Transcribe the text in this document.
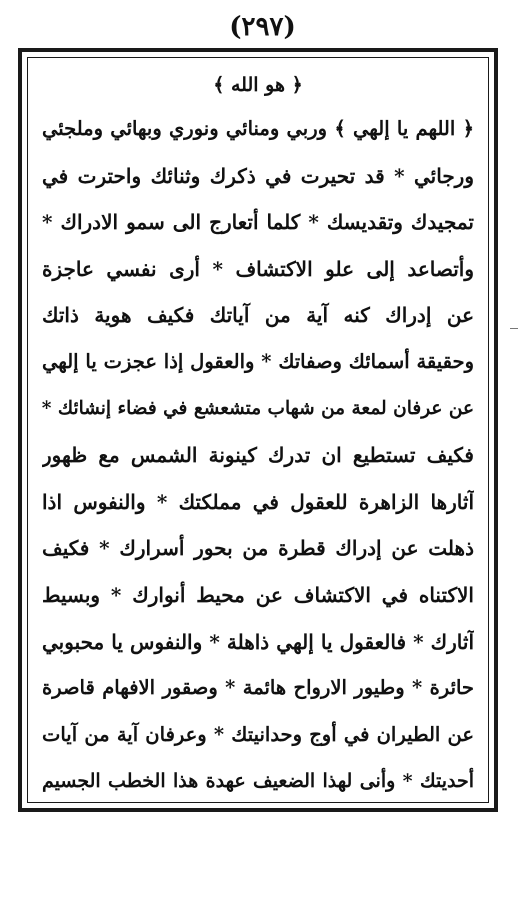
(٢٩٧)
﴿ هو الله ﴾
﴿ اللهم يا إلهي ﴾ وربي ومنائي ونوري وبهائي وملجئي
ورجائي * قد تحيرت في ذكرك وثنائك واحترت في
تمجيدك وتقديسك * كلما أتعارج الى سمو الادراك *
وأتصاعد إلى علو الاكتشاف * أرى نفسي عاجزة
عن إدراك كنه آية من آياتك فكيف هوية ذاتك
وحقيقة أسمائك وصفاتك * والعقول إذا عجزت يا إلهي
عن عرفان لمعة من شهاب متشعشع في فضاء إنشائك *
فكيف تستطيع ان تدرك كينونة الشمس مع ظهور
آثارها الزاهرة للعقول في مملكتك * والنفوس اذا
ذهلت عن إدراك قطرة من بحور أسرارك * فكيف
الاكتناه في الاكتشاف عن محيط أنوارك * وبسيط
آثارك * فالعقول يا إلهي ذاهلة * والنفوس يا محبوبي
حائرة * وطيور الارواح هائمة * وصقور الافهام قاصرة
عن الطيران في أوج وحدانيتك * وعرفان آية من آيات
أحديتك * وأنى لهذا الضعيف عهدة هذا الخطب الجسيم
